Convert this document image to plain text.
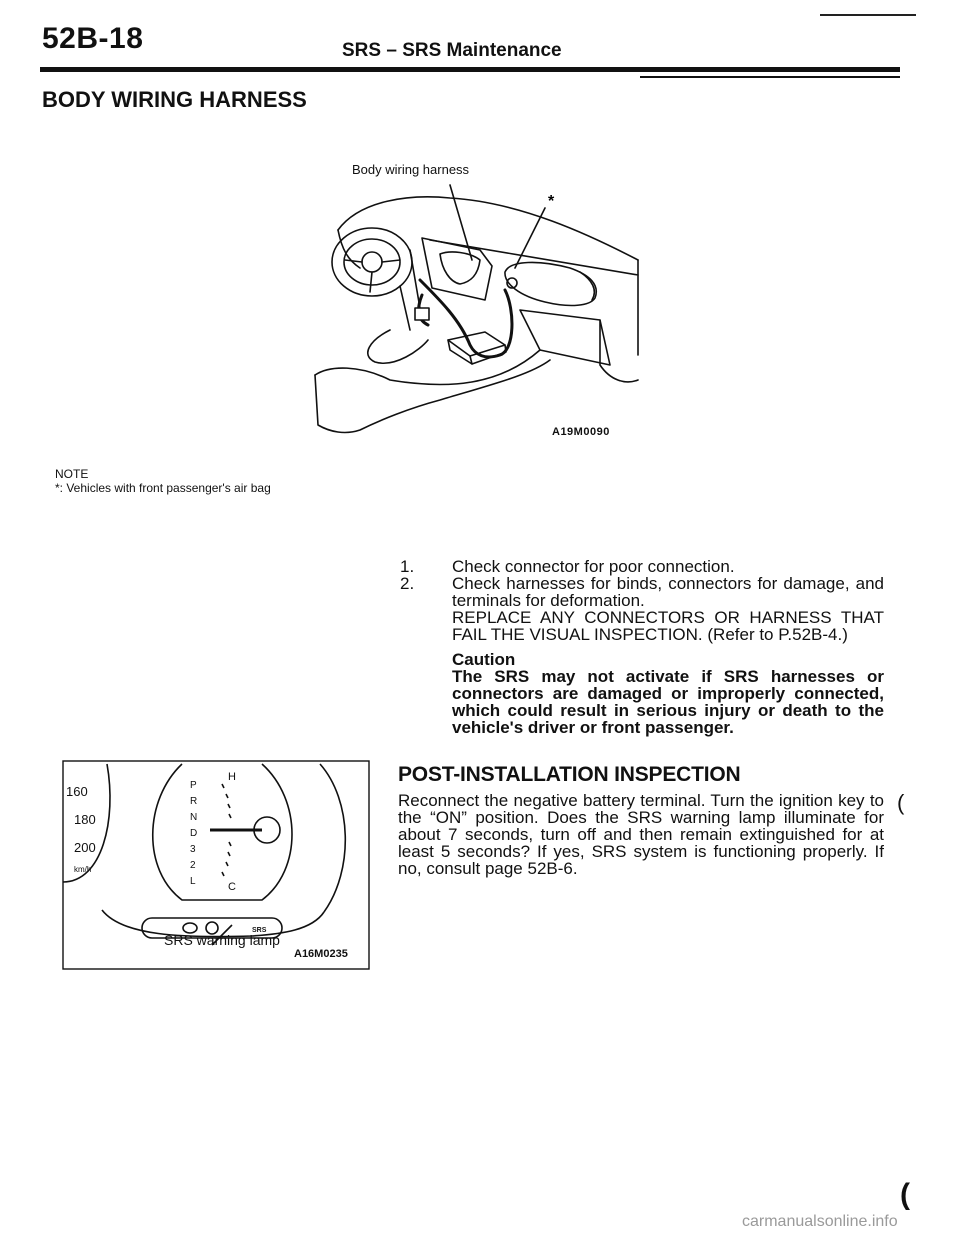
52B-18	SRS – SRS Maintenance
BODY WIRING HARNESS
Body wiring harness
*
A19M0090
NOTE
*: Vehicles with front passenger's air bag
1.	Check connector for poor connection.
2.	Check harnesses for binds, connectors for damage, and terminals for deformation.
REPLACE ANY CONNECTORS OR HARNESS THAT FAIL THE VISUAL INSPECTION. (Refer to P.52B-4.)
Caution
The SRS may not activate if SRS harnesses or connectors are damaged or improperly connected, which could result in serious injury or death to the vehicle's driver or front passenger.
POST-INSTALLATION INSPECTION
Reconnect the negative battery terminal. Turn the ignition key to the “ON” position. Does the SRS warning lamp illuminate for about 7 seconds, turn off and then remain extinguished for at least 5 seconds? If yes, SRS system is functioning properly. If no, consult page 52B-6.
160
180
200
km/h
P
R
N
D
3
2
L
H
C
SRS
SRS warning lamp
A16M0235
(
(
carmanualsonline.info
